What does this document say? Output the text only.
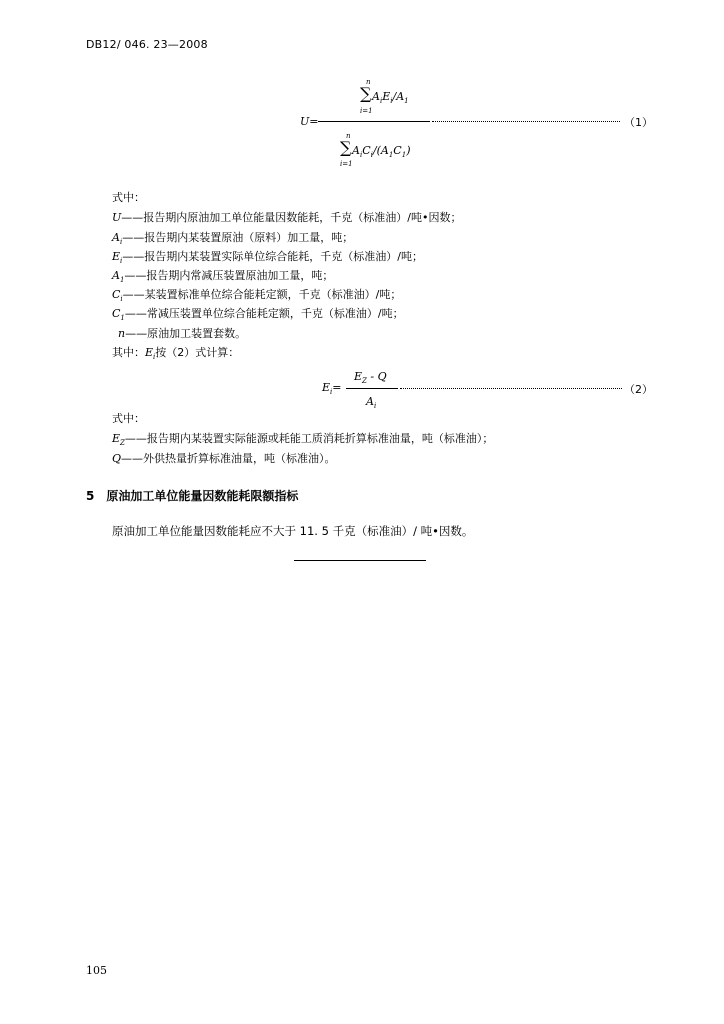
DB12/ 046. 23—2008
n
∑ $A_iE_i/A_1$
i=1
U=	（1）
n
∑ $A_iC_i/(A_1C_1)$
i=1
式中：
U——报告期内原油加工单位能量因数能耗，千克（标准油）/吨•因数；
$A_i——$报告期内某装置原油（原料）加工量，吨；
$E_i——$报告期内某装置实际单位综合能耗，千克（标准油）/吨；
$A_1——$报告期内常减压装置原油加工量，吨；
$C_i——$某装置标准单位综合能耗定额，千克（标准油）/吨；
$C_1——$常减压装置单位综合能耗定额，千克（标准油）/吨；
n——原油加工装置套数。
其中：$E_i$按（2）式计算：
$E_Z$ - Q
$E_i=$	（2）
$A_i$
式中：
$E_Z——$报告期内某装置实际能源或耗能工质消耗折算标准油量，吨（标准油）；
Q——外供热量折算标准油量，吨（标准油）。
5 原油加工单位能量因数能耗限额指标
原油加工单位能量因数能耗应不大于 11. 5 千克（标准油）/ 吨•因数。
105
